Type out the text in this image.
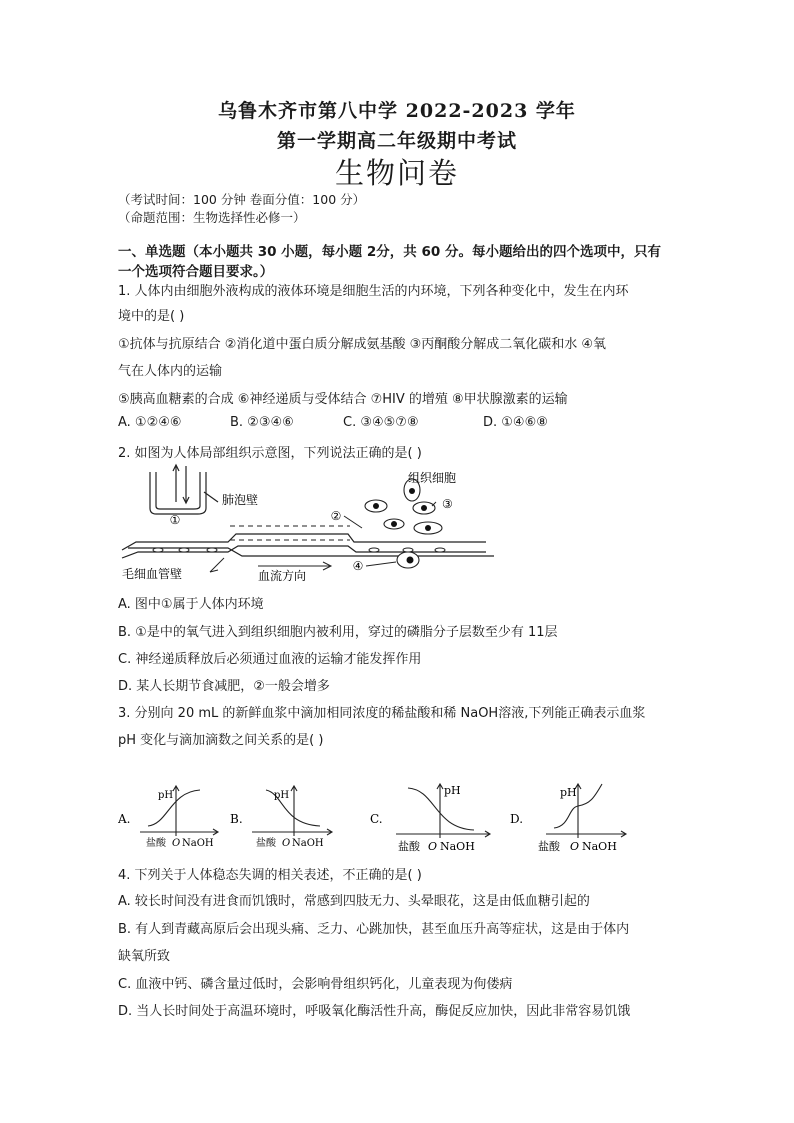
乌鲁木齐市第八中学 2022-2023 学年
第一学期高二年级期中考试
生物问卷
（考试时间：100 分钟 卷面分值：100 分）
（命题范围：生物选择性必修一）
一、单选题（本小题共 30 小题，每小题 2分，共 60 分。每小题给出的四个选项中，只有
一个选项符合题目要求。）
1. 人体内由细胞外液构成的液体环境是细胞生活的内环境，下列各种变化中，发生在内环
境中的是( )
①抗体与抗原结合 ②消化道中蛋白质分解成氨基酸 ③丙酮酸分解成二氧化碳和水 ④氧
气在人体内的运输
⑤胰高血糖素的合成 ⑥神经递质与受体结合 ⑦HIV 的增殖 ⑧甲状腺激素的运输
A. ①②④⑥	B. ②③④⑥	C. ③④⑤⑦⑧	D. ①④⑥⑧
2. 如图为人体局部组织示意图，下列说法正确的是( )
①
肺泡壁
②
③
④
组织细胞
毛细血管壁	血流方向
A. 图中①属于人体内环境
B. ①是中的氧气进入到组织细胞内被利用，穿过的磷脂分子层数至少有 11层
C. 神经递质释放后必须通过血液的运输才能发挥作用
D. 某人长期节食减肥，②一般会增多
3. 分别向 20 mL 的新鲜血浆中滴加相同浓度的稀盐酸和稀 NaOH溶液,下列能正确表示血浆
pH 变化与滴加滴数之间关系的是( )
A.
pH
盐酸 O NaOH
B.
pH
盐酸 O NaOH
C.
pH
盐酸 O NaOH
D.
pH
盐酸 O NaOH
4. 下列关于人体稳态失调的相关表述，不正确的是( )
A. 较长时间没有进食而饥饿时，常感到四肢无力、头晕眼花，这是由低血糖引起的
B. 有人到青藏高原后会出现头痛、乏力、心跳加快，甚至血压升高等症状，这是由于体内
缺氧所致
C. 血液中钙、磷含量过低时，会影响骨组织钙化，儿童表现为佝偻病
D. 当人长时间处于高温环境时，呼吸氧化酶活性升高，酶促反应加快，因此非常容易饥饿
